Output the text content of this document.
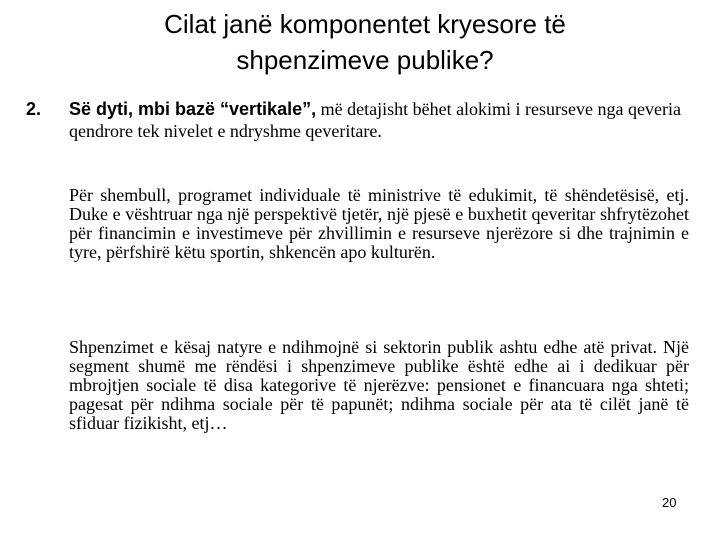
Cilat janë komponentet kryesore të
shpenzimeve publike?
2. Së dyti, mbi bazë “vertikale”, më detajisht bëhet alokimi i resurseve nga qeveria qendrore tek nivelet e ndryshme qeveritare.

Për shembull, programet individuale të ministrive të edukimit, të shëndetësisë, etj. Duke e vështruar nga një perspektivë tjetër, një pjesë e buxhetit qeveritar shfrytëzohet për financimin e investimeve për zhvillimin e resurseve njerëzore si dhe trajnimin e tyre, përfshirë këtu sportin, shkencën apo kulturën.

Shpenzimet e kësaj natyre e ndihmojnë si sektorin publik ashtu edhe atë privat. Një segment shumë me rëndësi i shpenzimeve publike është edhe ai i dedikuar për mbrojtjen sociale të disa kategorive të njerëzve: pensionet e financuara nga shteti; pagesat për ndihma sociale për të papunët; ndihma sociale për ata të cilët janë të sfiduar fizikisht, etj…

20
